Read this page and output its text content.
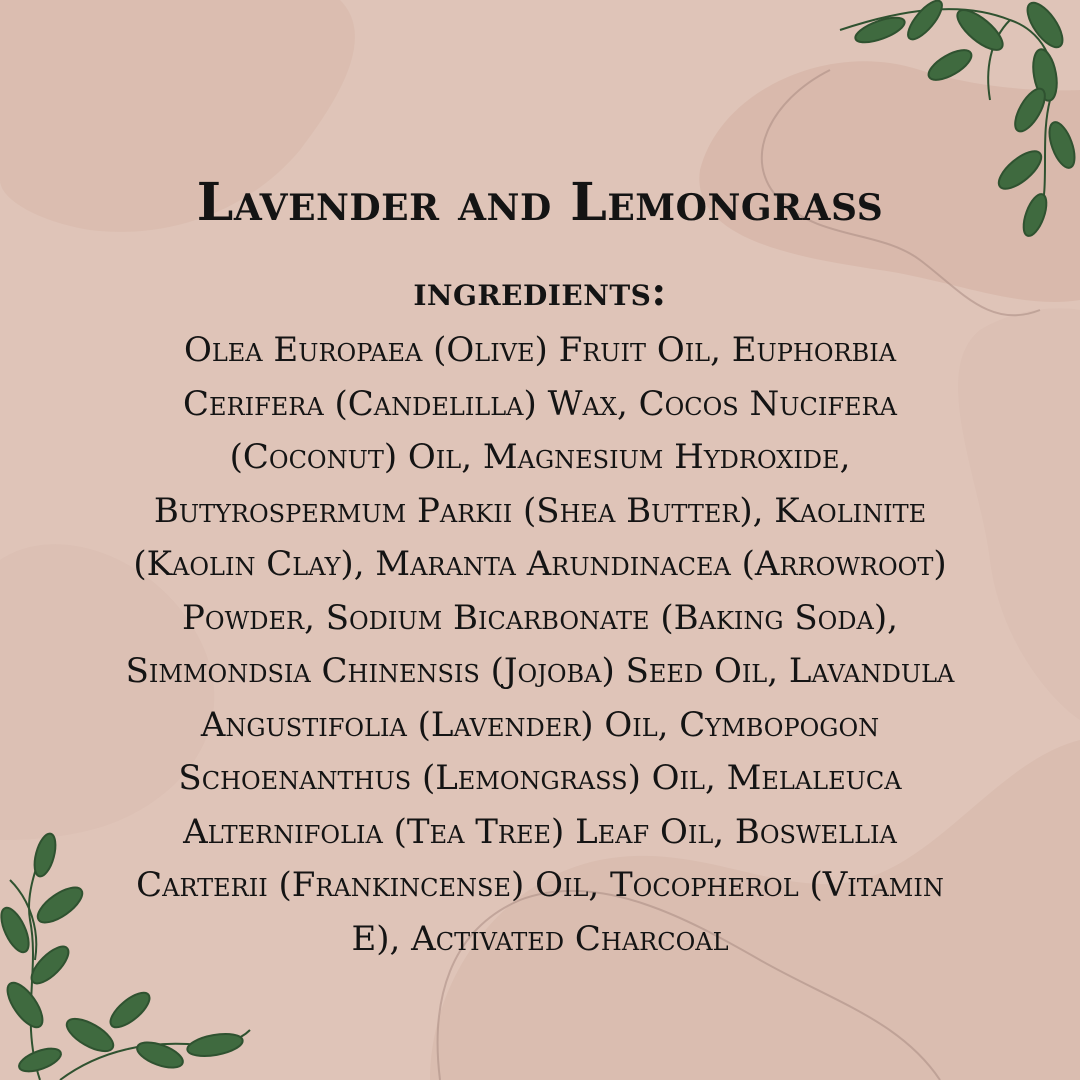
Lavender and Lemongrass
ingredients:
Olea Europaea (Olive) Fruit Oil, Euphorbia
Cerifera (Candelilla) Wax, Cocos Nucifera
(Coconut) Oil, Magnesium Hydroxide,
Butyrospermum Parkii (Shea Butter), Kaolinite
(Kaolin Clay), Maranta Arundinacea (Arrowroot)
Powder, Sodium Bicarbonate (Baking Soda),
Simmondsia Chinensis (Jojoba) Seed Oil, Lavandula
Angustifolia (Lavender) Oil, Cymbopogon
Schoenanthus (Lemongrass) Oil, Melaleuca
Alternifolia (Tea Tree) Leaf Oil, Boswellia
Carterii (Frankincense) Oil, Tocopherol (Vitamin
E), Activated Charcoal
